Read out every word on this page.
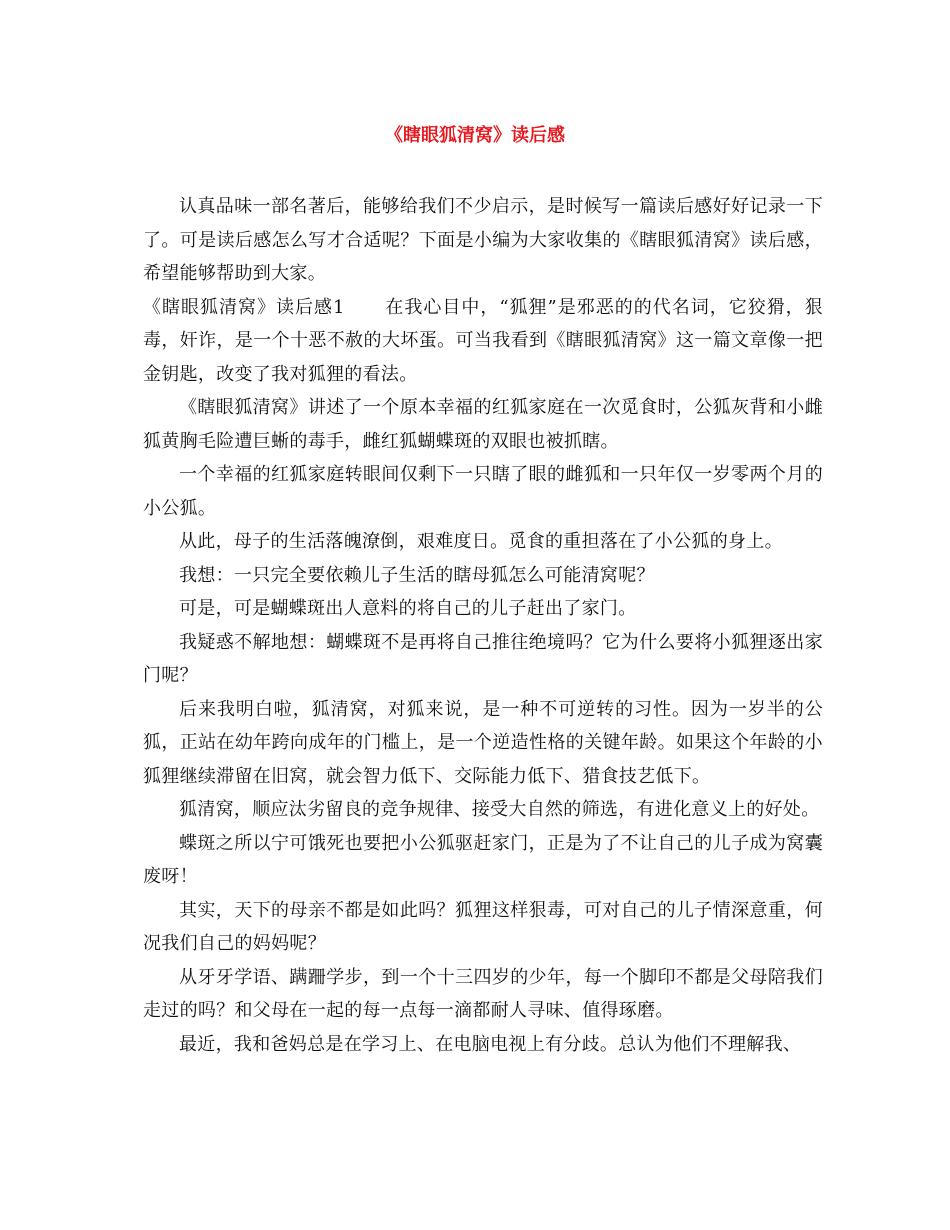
《瞎眼狐清窝》读后感

认真品味一部名著后，能够给我们不少启示，是时候写一篇读后感好好记录一下了。可是读后感怎么写才合适呢？下面是小编为大家收集的《瞎眼狐清窝》读后感，希望能够帮助到大家。

《瞎眼狐清窝》读后感1 在我心目中，“狐狸”是邪恶的的代名词，它狡猾，狠毒，奸诈，是一个十恶不赦的大坏蛋。可当我看到《瞎眼狐清窝》这一篇文章像一把金钥匙，改变了我对狐狸的看法。

《瞎眼狐清窝》讲述了一个原本幸福的红狐家庭在一次觅食时，公狐灰背和小雌狐黄胸毛险遭巨蜥的毒手，雌红狐蝴蝶斑的双眼也被抓瞎。

一个幸福的红狐家庭转眼间仅剩下一只瞎了眼的雌狐和一只年仅一岁零两个月的小公狐。

从此，母子的生活落魄潦倒，艰难度日。觅食的重担落在了小公狐的身上。

我想：一只完全要依赖儿子生活的瞎母狐怎么可能清窝呢？

可是，可是蝴蝶斑出人意料的将自己的儿子赶出了家门。

我疑惑不解地想：蝴蝶斑不是再将自己推往绝境吗？它为什么要将小狐狸逐出家门呢？

后来我明白啦，狐清窝，对狐来说，是一种不可逆转的习性。因为一岁半的公狐，正站在幼年跨向成年的门槛上，是一个逆造性格的关键年龄。如果这个年龄的小狐狸继续滞留在旧窝，就会智力低下、交际能力低下、猎食技艺低下。

狐清窝，顺应汰劣留良的竞争规律、接受大自然的筛选，有进化意义上的好处。

蝶斑之所以宁可饿死也要把小公狐驱赶家门，正是为了不让自己的儿子成为窝囊废呀！

其实，天下的母亲不都是如此吗？狐狸这样狠毒，可对自己的儿子情深意重，何况我们自己的妈妈呢？

从牙牙学语、蹒跚学步，到一个十三四岁的少年，每一个脚印不都是父母陪我们走过的吗？和父母在一起的每一点每一滴都耐人寻味、值得琢磨。

最近，我和爸妈总是在学习上、在电脑电视上有分歧。总认为他们不理解我、
